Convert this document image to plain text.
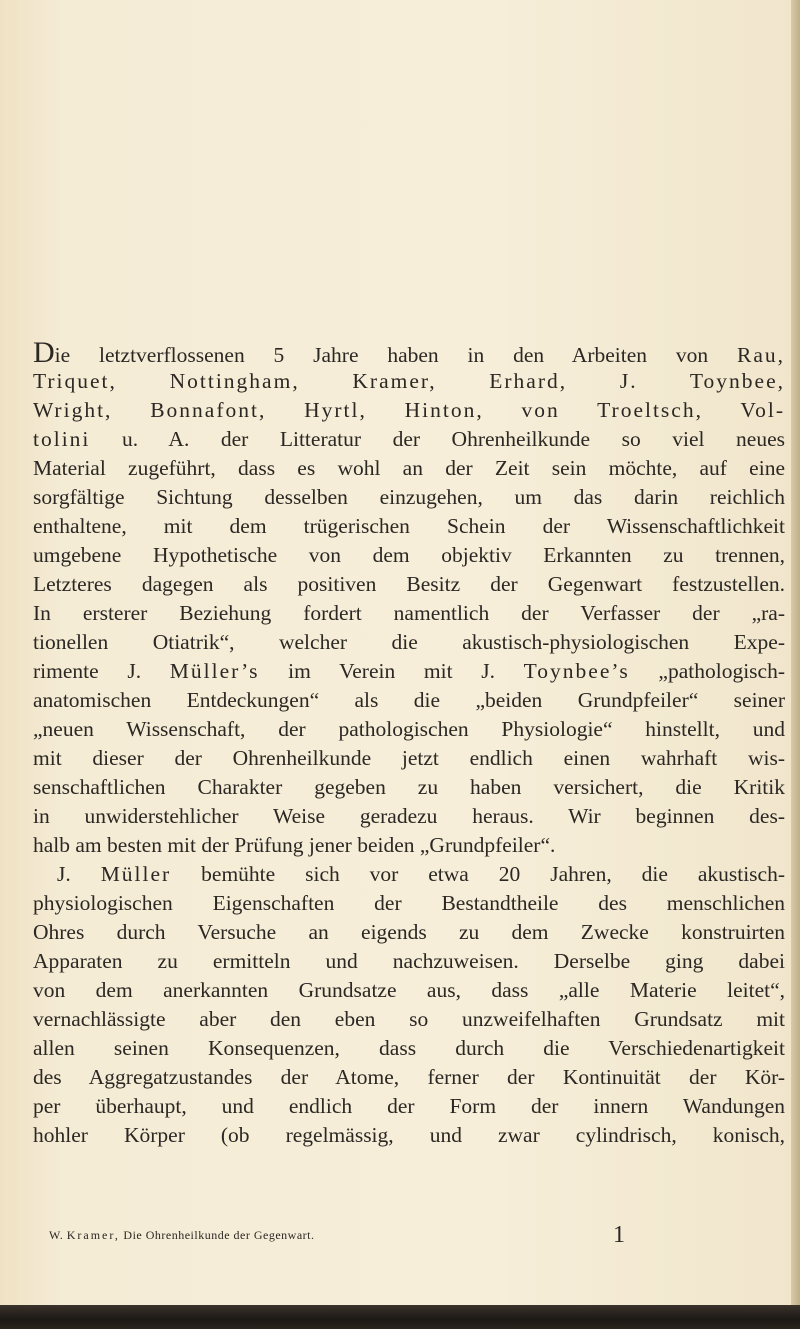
Die letztverflossenen 5 Jahre haben in den Arbeiten von Rau,
Triquet, Nottingham, Kramer, Erhard, J. Toynbee,
Wright, Bonnafont, Hyrtl, Hinton, von Troeltsch, Vol-
tolini u. A. der Litteratur der Ohrenheilkunde so viel neues
Material zugeführt, dass es wohl an der Zeit sein möchte, auf eine
sorgfältige Sichtung desselben einzugehen, um das darin reichlich
enthaltene, mit dem trügerischen Schein der Wissenschaftlichkeit
umgebene Hypothetische von dem objektiv Erkannten zu trennen,
Letzteres dagegen als positiven Besitz der Gegenwart festzustellen.
In ersterer Beziehung fordert namentlich der Verfasser der „ra-
tionellen Otiatrik“, welcher die akustisch-physiologischen Expe-
rimente J. Müller’s im Verein mit J. Toynbee’s „pathologisch-
anatomischen Entdeckungen“ als die „beiden Grundpfeiler“ seiner
„neuen Wissenschaft, der pathologischen Physiologie“ hinstellt, und
mit dieser der Ohrenheilkunde jetzt endlich einen wahrhaft wis-
senschaftlichen Charakter gegeben zu haben versichert, die Kritik
in unwiderstehlicher Weise geradezu heraus. Wir beginnen des-
halb am besten mit der Prüfung jener beiden „Grundpfeiler“.
J. Müller bemühte sich vor etwa 20 Jahren, die akustisch-
physiologischen Eigenschaften der Bestandtheile des menschlichen
Ohres durch Versuche an eigends zu dem Zwecke konstruirten
Apparaten zu ermitteln und nachzuweisen. Derselbe ging dabei
von dem anerkannten Grundsatze aus, dass „alle Materie leitet“,
vernachlässigte aber den eben so unzweifelhaften Grundsatz mit
allen seinen Konsequenzen, dass durch die Verschiedenartigkeit
des Aggregatzustandes der Atome, ferner der Kontinuität der Kör-
per überhaupt, und endlich der Form der innern Wandungen
hohler Körper (ob regelmässig, und zwar cylindrisch, konisch,
W. Kramer, Die Ohrenheilkunde der Gegenwart.	1
